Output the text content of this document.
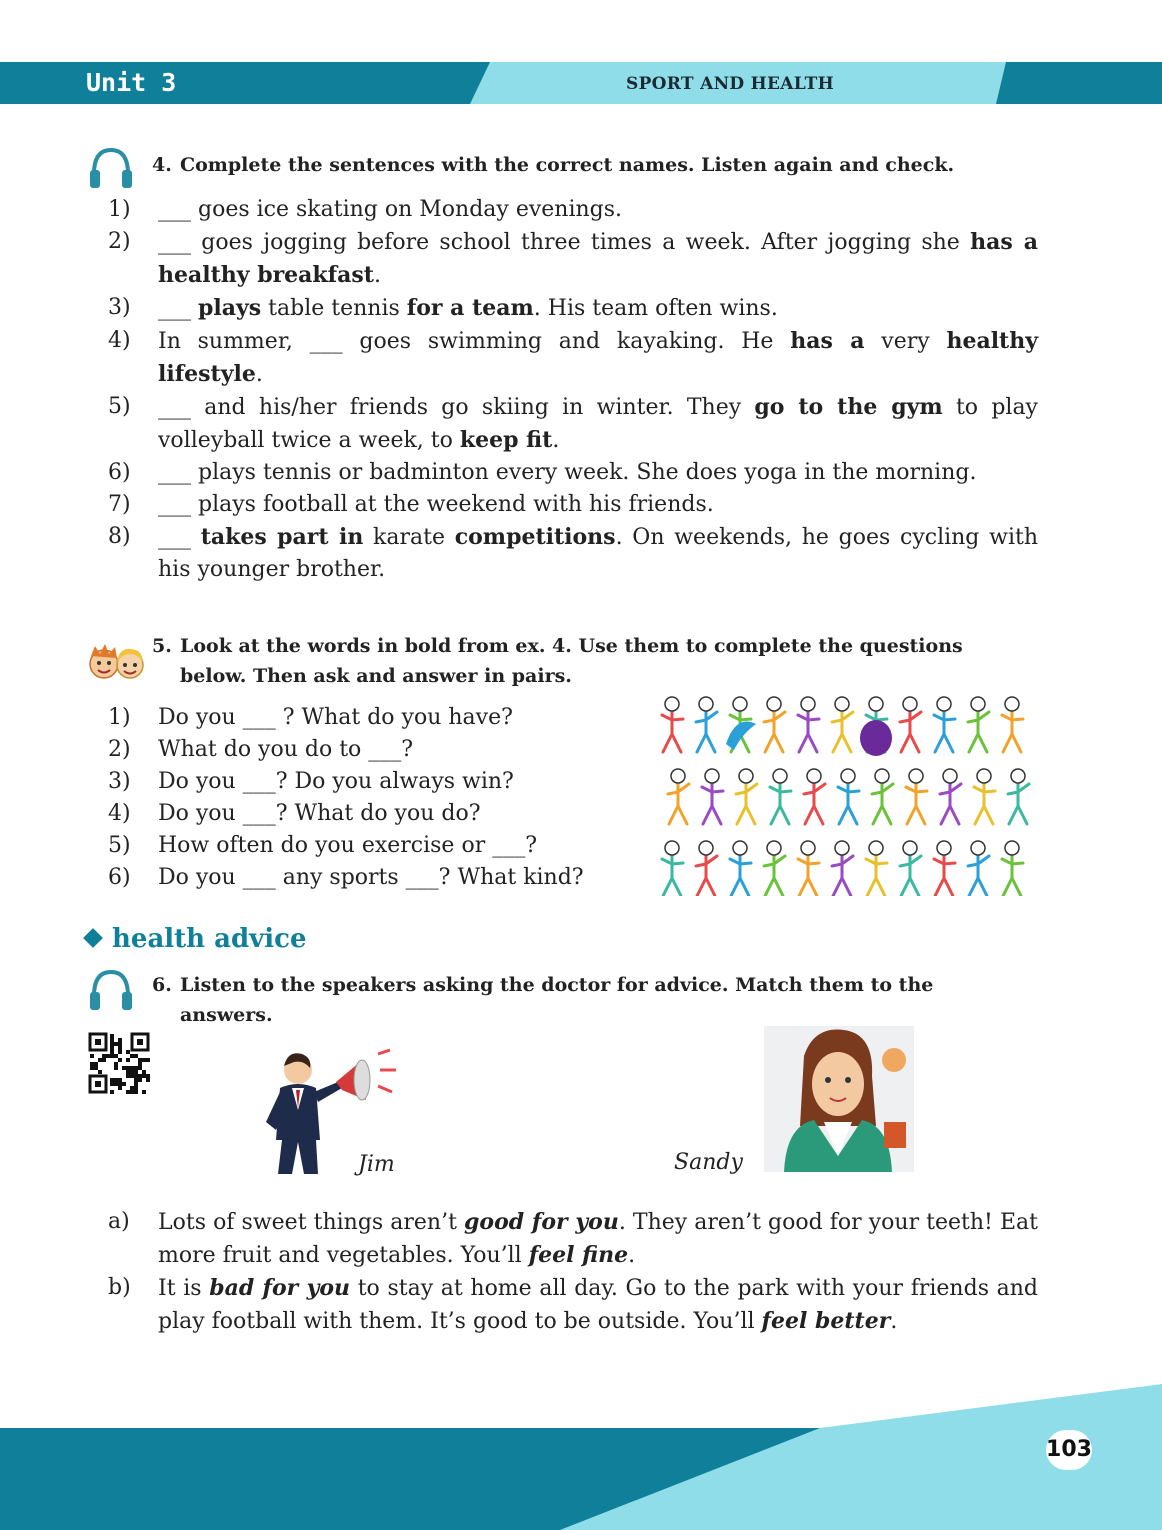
Unit 3	SPORT AND HEALTH
4. Complete the sentences with the correct names. Listen again and check.
1)	___ goes ice skating on Monday evenings.
2)	___ goes jogging before school three times a week. After jogging she has a healthy breakfast.
3)	___ plays table tennis for a team. His team often wins.
4)	In summer, ___ goes swimming and kayaking. He has a very healthy lifestyle.
5)	___ and his/her friends go skiing in winter. They go to the gym to play volleyball twice a week, to keep fit.
6)	___ plays tennis or badminton every week. She does yoga in the morning.
7)	___ plays football at the weekend with his friends.
8)	___ takes part in karate competitions. On weekends, he goes cycling with his younger brother.
5. Look at the words in bold from ex. 4. Use them to complete the questions
below. Then ask and answer in pairs.
1)	Do you ___ ? What do you have?
2)	What do you do to ___?
3)	Do you ___? Do you always win?
4)	Do you ___? What do you do?
5)	How often do you exercise or ___?
6)	Do you ___ any sports ___? What kind?
health advice
6. Listen to the speakers asking the doctor for advice. Match them to the
answers.
Jim	Sandy
a)	Lots of sweet things aren’t good for you. They aren’t good for your teeth! Eat more fruit and vegetables. You’ll feel fine.
b)	It is bad for you to stay at home all day. Go to the park with your friends and play football with them. It’s good to be outside. You’ll feel better.
103
